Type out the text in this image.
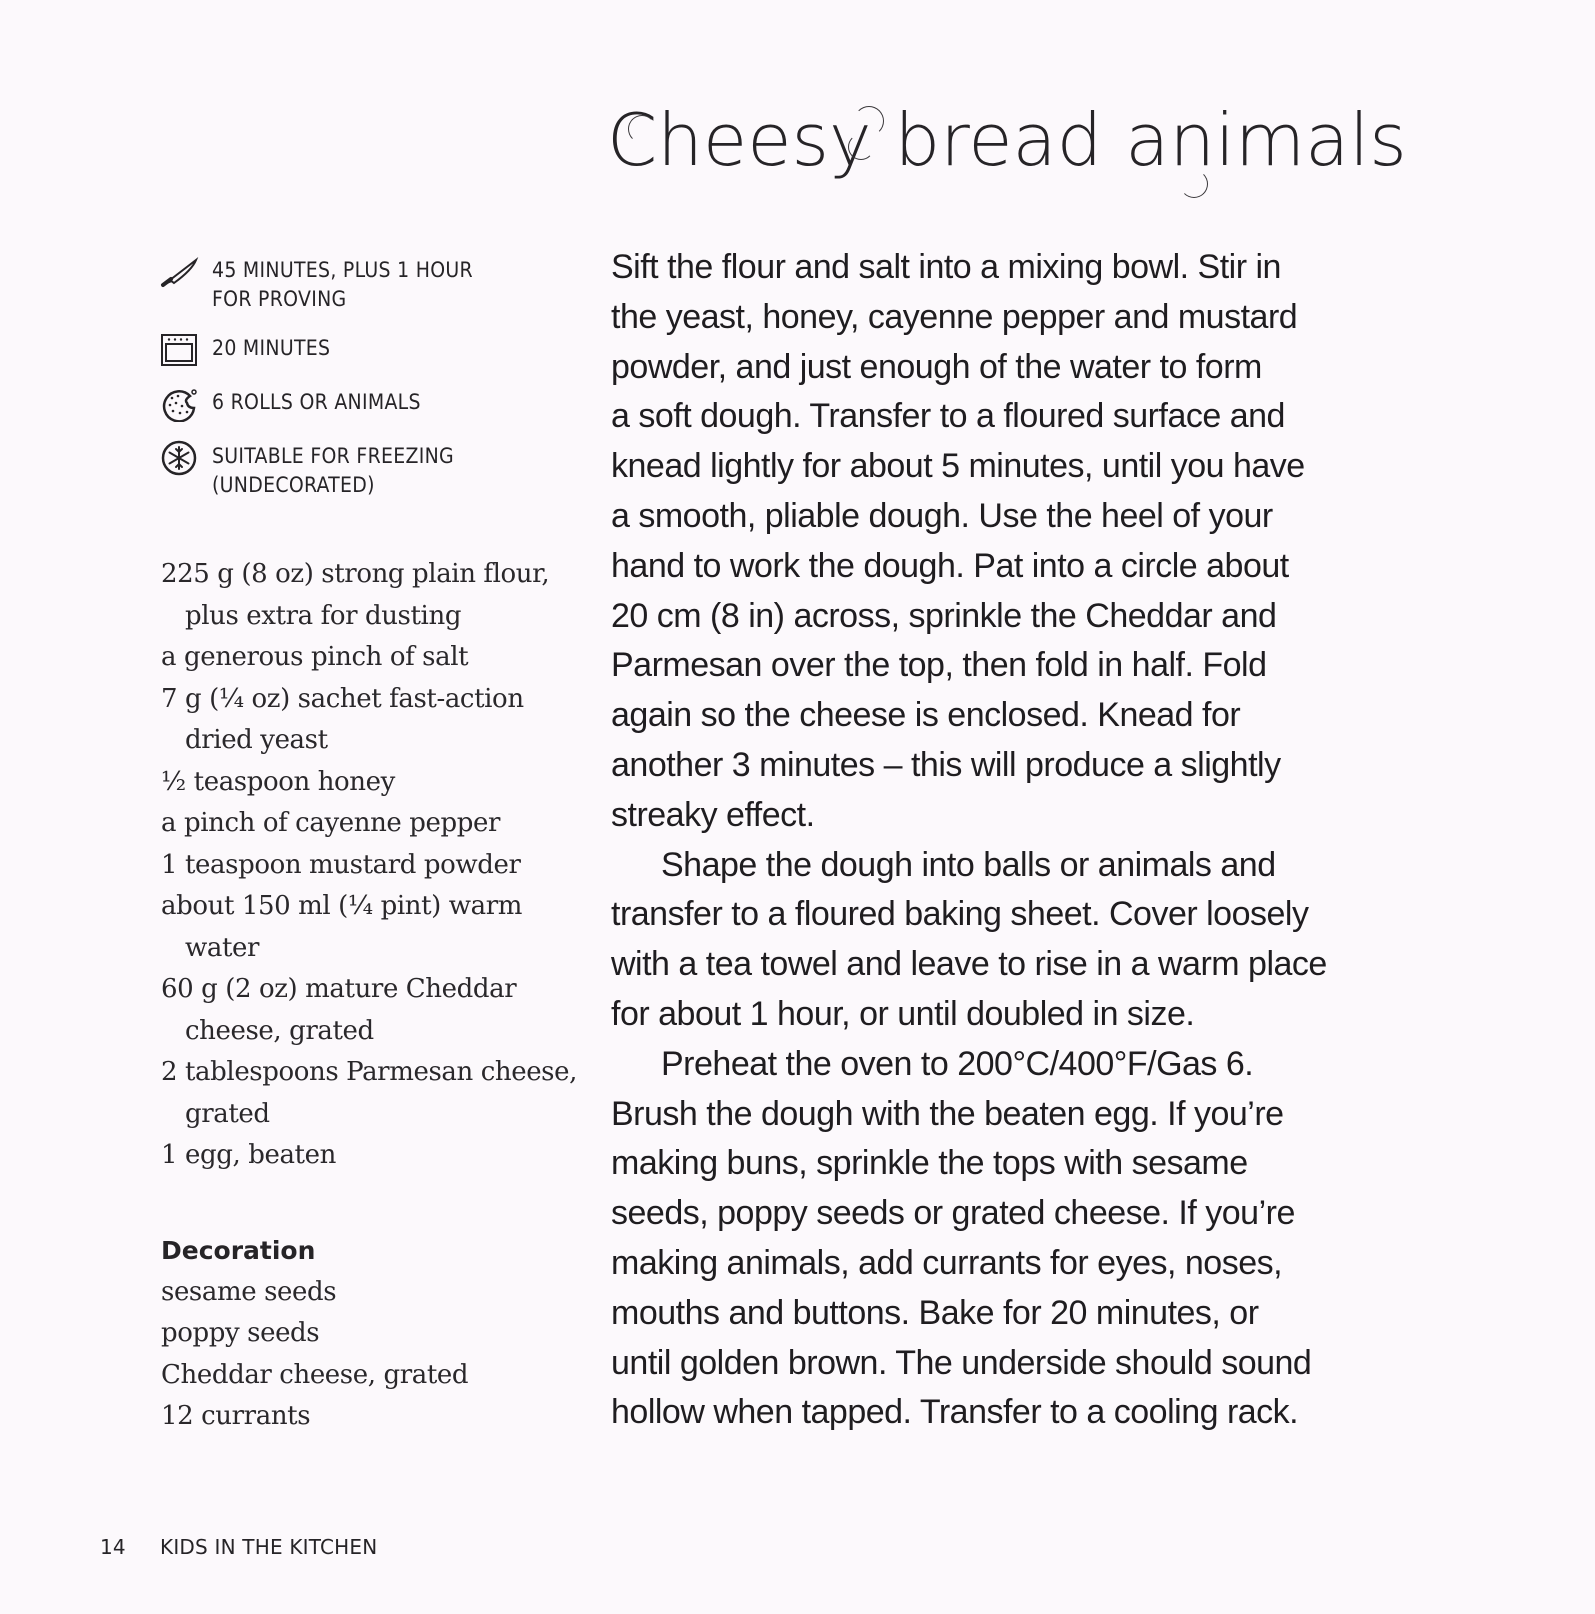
Cheesy bread animals
45 MINUTES, PLUS 1 HOUR
FOR PROVING
20 MINUTES
6 ROLLS OR ANIMALS
SUITABLE FOR FREEZING
(UNDECORATED)
225 g (8 oz) strong plain flour, plus extra for dusting
a generous pinch of salt
7 g (¼ oz) sachet fast-action dried yeast
½ teaspoon honey
a pinch of cayenne pepper
1 teaspoon mustard powder
about 150 ml (¼ pint) warm water
60 g (2 oz) mature Cheddar cheese, grated
2 tablespoons Parmesan cheese, grated
1 egg, beaten
Decoration
sesame seeds
poppy seeds
Cheddar cheese, grated
12 currants

Sift the flour and salt into a mixing bowl. Stir in
the yeast, honey, cayenne pepper and mustard
powder, and just enough of the water to form
a soft dough. Transfer to a floured surface and
knead lightly for about 5 minutes, until you have
a smooth, pliable dough. Use the heel of your
hand to work the dough. Pat into a circle about
20 cm (8 in) across, sprinkle the Cheddar and
Parmesan over the top, then fold in half. Fold
again so the cheese is enclosed. Knead for
another 3 minutes – this will produce a slightly
streaky effect.

Shape the dough into balls or animals and
transfer to a floured baking sheet. Cover loosely
with a tea towel and leave to rise in a warm place
for about 1 hour, or until doubled in size.

Preheat the oven to 200°C/400°F/Gas 6.
Brush the dough with the beaten egg. If you’re
making buns, sprinkle the tops with sesame
seeds, poppy seeds or grated cheese. If you’re
making animals, add currants for eyes, noses,
mouths and buttons. Bake for 20 minutes, or
until golden brown. The underside should sound
hollow when tapped. Transfer to a cooling rack.

14	KIDS IN THE KITCHEN
